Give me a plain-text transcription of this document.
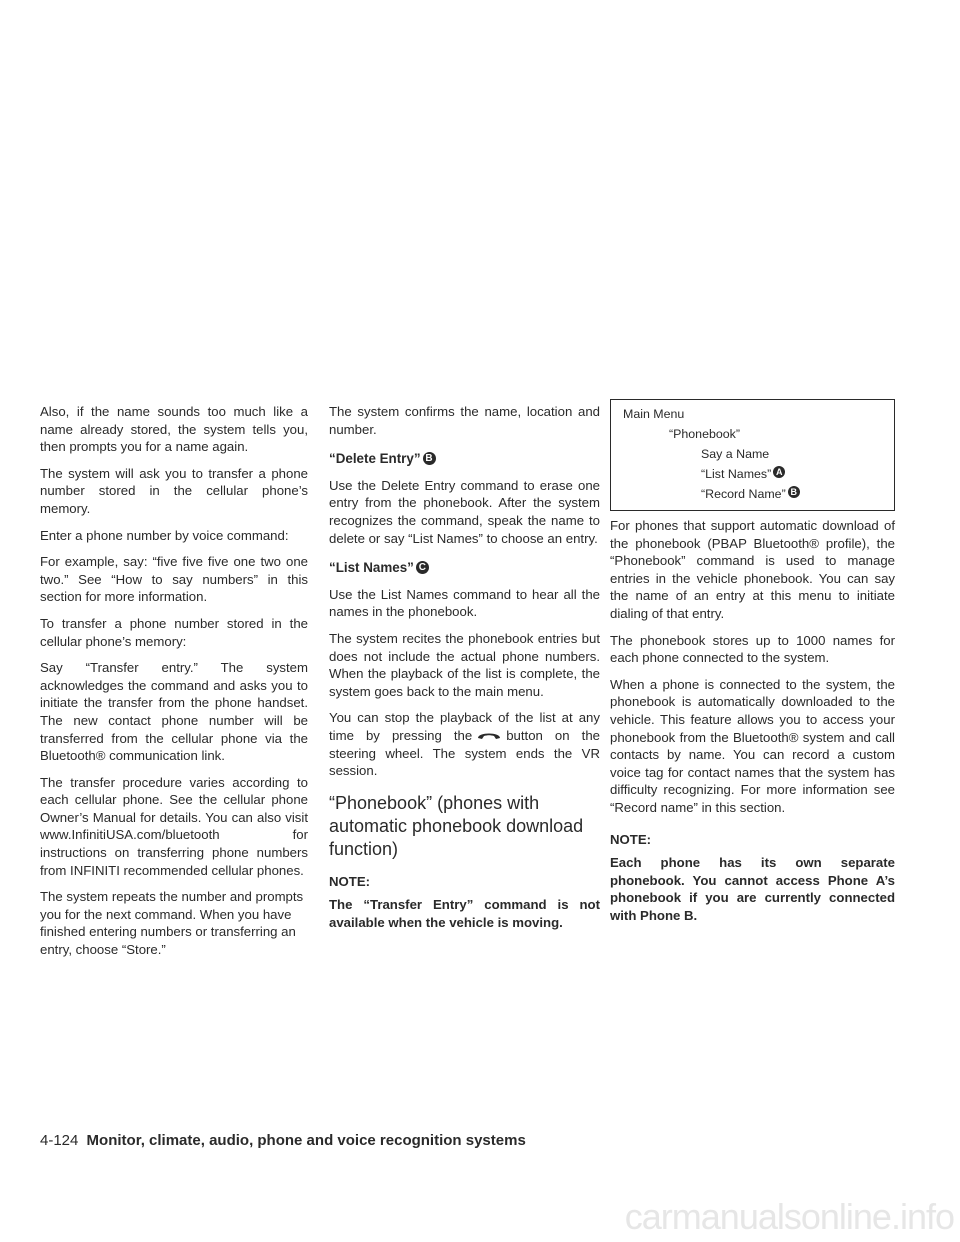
Also, if the name sounds too much like a name already stored, the system tells you, then prompts you for a name again.

The system will ask you to transfer a phone number stored in the cellular phone’s memory.

Enter a phone number by voice command:

For example, say: “five five five one two one two.” See “How to say numbers” in this section for more information.

To transfer a phone number stored in the cellular phone’s memory:

Say “Transfer entry.” The system acknowledges the command and asks you to initiate the transfer from the phone handset. The new contact phone number will be transferred from the cellular phone via the Bluetooth® communication link.

The transfer procedure varies according to each cellular phone. See the cellular phone Owner’s Manual for details. You can also visit www.InfinitiUSA.com/bluetooth for instructions on transferring phone numbers from INFINITI recommended cellular phones.

The system repeats the number and prompts you for the next command. When you have finished entering numbers or transferring an entry, choose “Store.”

The system confirms the name, location and number.

“Delete Entry” B

Use the Delete Entry command to erase one entry from the phonebook. After the system recognizes the command, speak the name to delete or say “List Names” to choose an entry.

“List Names” C

Use the List Names command to hear all the names in the phonebook.

The system recites the phonebook entries but does not include the actual phone numbers. When the playback of the list is complete, the system goes back to the main menu.

You can stop the playback of the list at any time by pressing the	button on the steering wheel. The system ends the VR session.

“Phonebook” (phones with automatic phonebook download function)
NOTE:

The “Transfer Entry” command is not available when the vehicle is moving.

Main Menu
“Phonebook”
Say a Name
“List Names” A
“Record Name” B

For phones that support automatic download of the phonebook (PBAP Bluetooth® profile), the “Phonebook” command is used to manage entries in the vehicle phonebook. You can say the name of an entry at this menu to initiate dialing of that entry.

The phonebook stores up to 1000 names for each phone connected to the system.

When a phone is connected to the system, the phonebook is automatically downloaded to the vehicle. This feature allows you to access your phonebook from the Bluetooth® system and call contacts by name. You can record a custom voice tag for contact names that the system has difficulty recognizing. For more information see “Record name” in this section.

NOTE:

Each phone has its own separate phonebook. You cannot access Phone A’s phonebook if you are currently connected with Phone B.

4-124 Monitor, climate, audio, phone and voice recognition systems
carmanualsonline.info
